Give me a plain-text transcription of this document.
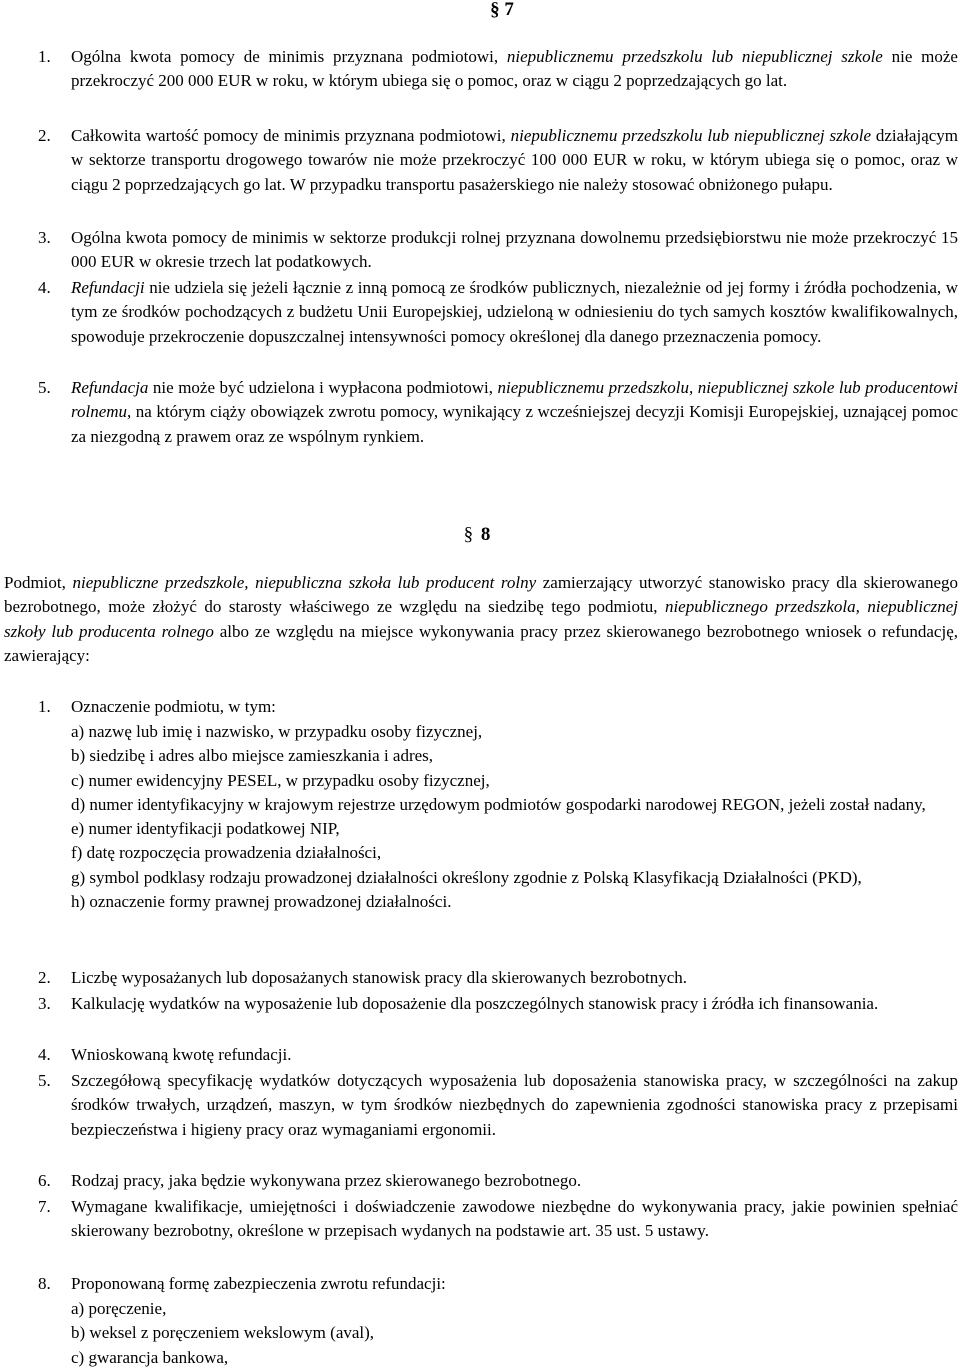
§ 7
1. Ogólna kwota pomocy de minimis przyznana podmiotowi, niepublicznemu przedszkolu lub niepublicznej szkole nie może przekroczyć 200 000 EUR w roku, w którym ubiega się o pomoc, oraz w ciągu 2 poprzedzających go lat.
2. Całkowita wartość pomocy de minimis przyznana podmiotowi, niepublicznemu przedszkolu lub niepublicznej szkole działającym w sektorze transportu drogowego towarów nie może przekroczyć 100 000 EUR w roku, w którym ubiega się o pomoc, oraz w ciągu 2 poprzedzających go lat. W przypadku transportu pasażerskiego nie należy stosować obniżonego pułapu.
3. Ogólna kwota pomocy de minimis w sektorze produkcji rolnej przyznana dowolnemu przedsiębiorstwu nie może przekroczyć 15 000 EUR w okresie trzech lat podatkowych.
4. Refundacji nie udziela się jeżeli łącznie z inną pomocą ze środków publicznych, niezależnie od jej formy i źródła pochodzenia, w tym ze środków pochodzących z budżetu Unii Europejskiej, udzieloną w odniesieniu do tych samych kosztów kwalifikowalnych, spowoduje przekroczenie dopuszczalnej intensywności pomocy określonej dla danego przeznaczenia pomocy.
5. Refundacja nie może być udzielona i wypłacona podmiotowi, niepublicznemu przedszkolu, niepublicznej szkole lub producentowi rolnemu, na którym ciąży obowiązek zwrotu pomocy, wynikający z wcześniejszej decyzji Komisji Europejskiej, uznającej pomoc za niezgodną z prawem oraz ze wspólnym rynkiem.
§ 8
Podmiot, niepubliczne przedszkole, niepubliczna szkoła lub producent rolny zamierzający utworzyć stanowisko pracy dla skierowanego bezrobotnego, może złożyć do starosty właściwego ze względu na siedzibę tego podmiotu, niepublicznego przedszkola, niepublicznej szkoły lub producenta rolnego albo ze względu na miejsce wykonywania pracy przez skierowanego bezrobotnego wniosek o refundację, zawierający:
1. Oznaczenie podmiotu, w tym:
a) nazwę lub imię i nazwisko, w przypadku osoby fizycznej,
b) siedzibę i adres albo miejsce zamieszkania i adres,
c) numer ewidencyjny PESEL, w przypadku osoby fizycznej,
d) numer identyfikacyjny w krajowym rejestrze urzędowym podmiotów gospodarki narodowej REGON, jeżeli został nadany,
e) numer identyfikacji podatkowej NIP,
f) datę rozpoczęcia prowadzenia działalności,
g) symbol podklasy rodzaju prowadzonej działalności określony zgodnie z Polską Klasyfikacją Działalności (PKD),
h) oznaczenie formy prawnej prowadzonej działalności.
2. Liczbę wyposażanych lub doposażanych stanowisk pracy dla skierowanych bezrobotnych.
3. Kalkulację wydatków na wyposażenie lub doposażenie dla poszczególnych stanowisk pracy i źródła ich finansowania.
4. Wnioskowaną kwotę refundacji.
5. Szczegółową specyfikację wydatków dotyczących wyposażenia lub doposażenia stanowiska pracy, w szczególności na zakup środków trwałych, urządzeń, maszyn, w tym środków niezbędnych do zapewnienia zgodności stanowiska pracy z przepisami bezpieczeństwa i higieny pracy oraz wymaganiami ergonomii.
6. Rodzaj pracy, jaka będzie wykonywana przez skierowanego bezrobotnego.
7. Wymagane kwalifikacje, umiejętności i doświadczenie zawodowe niezbędne do wykonywania pracy, jakie powinien spełniać skierowany bezrobotny, określone w przepisach wydanych na podstawie art. 35 ust. 5 ustawy.
8. Proponowaną formę zabezpieczenia zwrotu refundacji:
a) poręczenie,
b) weksel z poręczeniem wekslowym (aval),
c) gwarancja bankowa,
